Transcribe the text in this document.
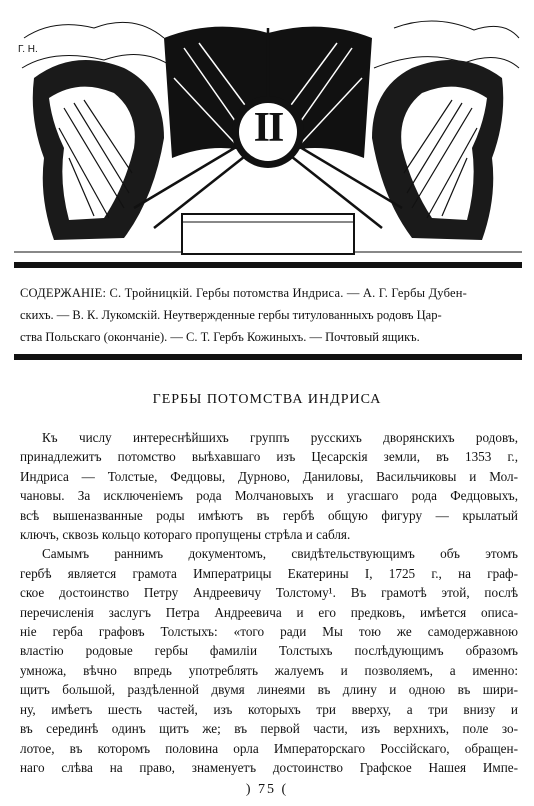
Г. Н.
II
СОДЕРЖАНІЕ: С. Тройницкій. Гербы потомства Индриса. — А. Г. Гербы Дубен-
скихъ. — В. К. Лукомскій. Неутвержденные гербы титулованныхъ родовъ Цар-
ства Польскаго (окончаніе). — С. Т. Гербъ Кожиныхъ. — Почтовый ящикъ.
ГЕРБЫ ПОТОМСТВА ИНДРИСА
Къ числу интереснѣйшихъ группъ русскихъ дворянскихъ родовъ,
принадлежитъ потомство выѣхавшаго изъ Цесарскія земли, въ 1353 г.,
Индриса — Толстые, Федцовы, Дурново, Даниловы, Васильчиковы и Мол-
чановы. За исключеніемъ рода Молчановыхъ и угасшаго рода Федцовыхъ,
всѣ вышеназванные роды имѣютъ въ гербѣ общую фигуру — крылатый
ключъ, сквозь кольцо котораго пропущены стрѣла и сабля.
Самымъ раннимъ документомъ, свидѣтельствующимъ объ этомъ
гербѣ является грамота Императрицы Екатерины I, 1725 г., на граф-
ское достоинство Петру Андреевичу Толстому¹. Въ грамотѣ этой, послѣ
перечисленія заслугъ Петра Андреевича и его предковъ, имѣется описа-
ніе герба графовъ Толстыхъ: «того ради Мы тою же самодержавною
властію родовые гербы фамиліи Толстыхъ послѣдующимъ образомъ
умножа, вѣчно впредь употреблять жалуемъ и позволяемъ, а именно:
щитъ большой, раздѣленной двумя линеями въ длину и одною въ шири-
ну, имѣетъ шесть частей, изъ которыхъ три вверху, а три внизу и
въ серединѣ одинъ щитъ же; въ первой части, изъ верхнихъ, поле зо-
лотое, въ которомъ половина орла Императорскаго Россійскаго, обращен-
наго слѣва на право, знаменуетъ достоинство Графское Нашея Импе-
) 75 (
